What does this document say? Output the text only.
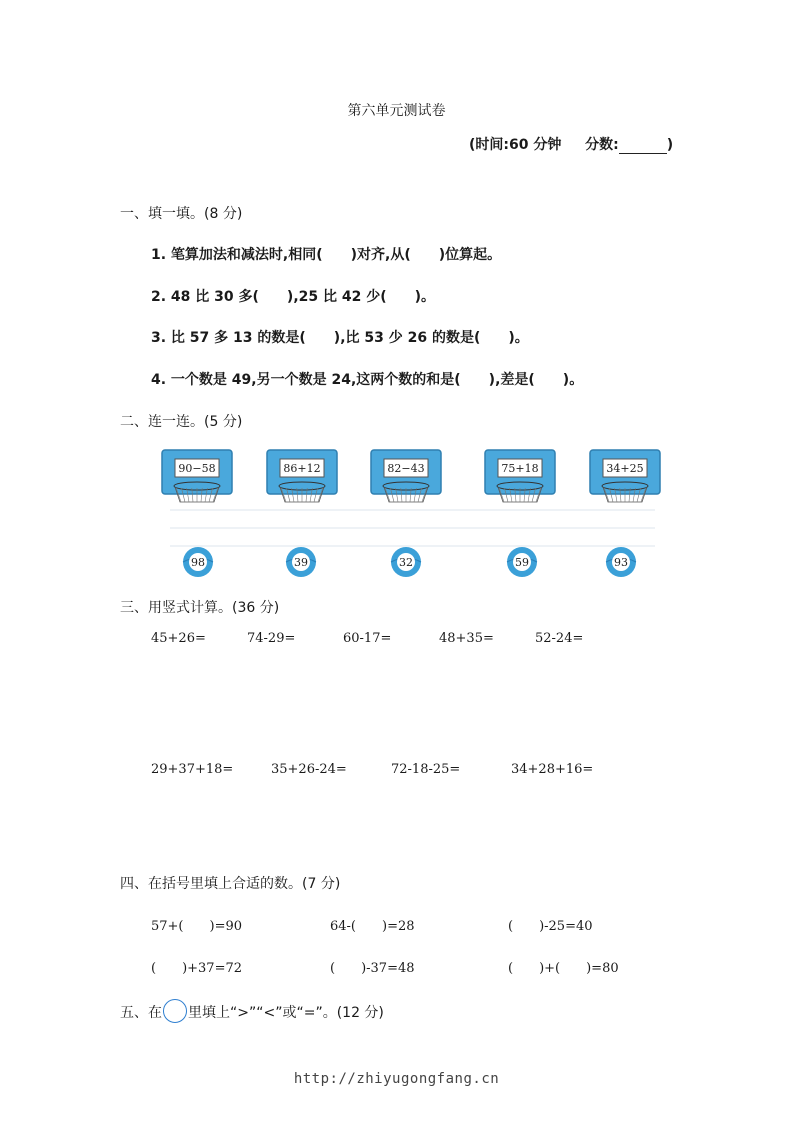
第六单元测试卷
(时间:60 分钟 分数:	)
一、填一填。(8 分)
1. 笔算加法和减法时,相同(　　)对齐,从(　　)位算起。
2. 48 比 30 多(　　),25 比 42 少(　　)。
3. 比 57 多 13 的数是(　　),比 53 少 26 的数是(　　)。
4. 一个数是 49,另一个数是 24,这两个数的和是(　　),差是(　　)。
二、连一连。(5 分)
90−58	86+12	82−43	75+18	34+25
98	39	32	59	93
三、用竖式计算。(36 分)
45+26=	74-29=	60-17=	48+35=	52-24=
29+37+18=	35+26-24=	72-18-25=	34+28+16=
四、在括号里填上合适的数。(7 分)
57+(　　)=90	64-(　　)=28	(　　)-25=40
(　　)+37=72	(　　)-37=48	(　　)+(　　)=80
五、在 里填上“>”“<”或“=”。(12 分)
http://zhiyugongfang.cn
